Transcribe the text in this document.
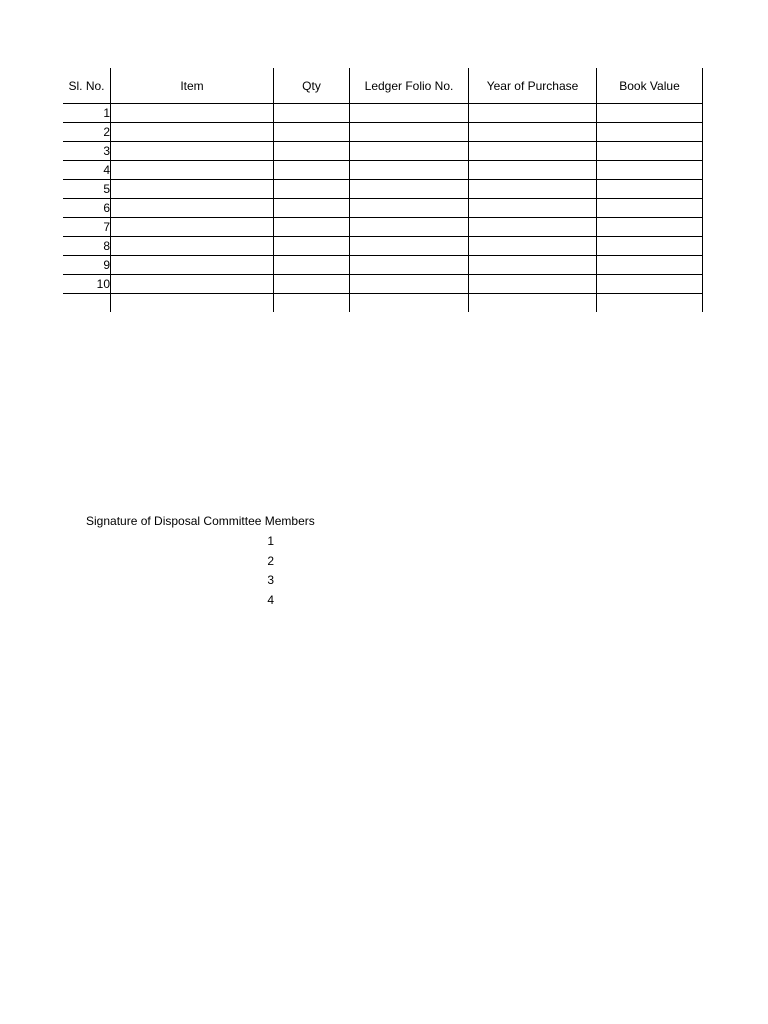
Sl. No.	Item	Qty	Ledger Folio No.	Year of Purchase	Book Value
1					
2					
3					
4					
5					
6					
7					
8					
9					
10					

Signature of Disposal Committee Members
1
2
3
4
